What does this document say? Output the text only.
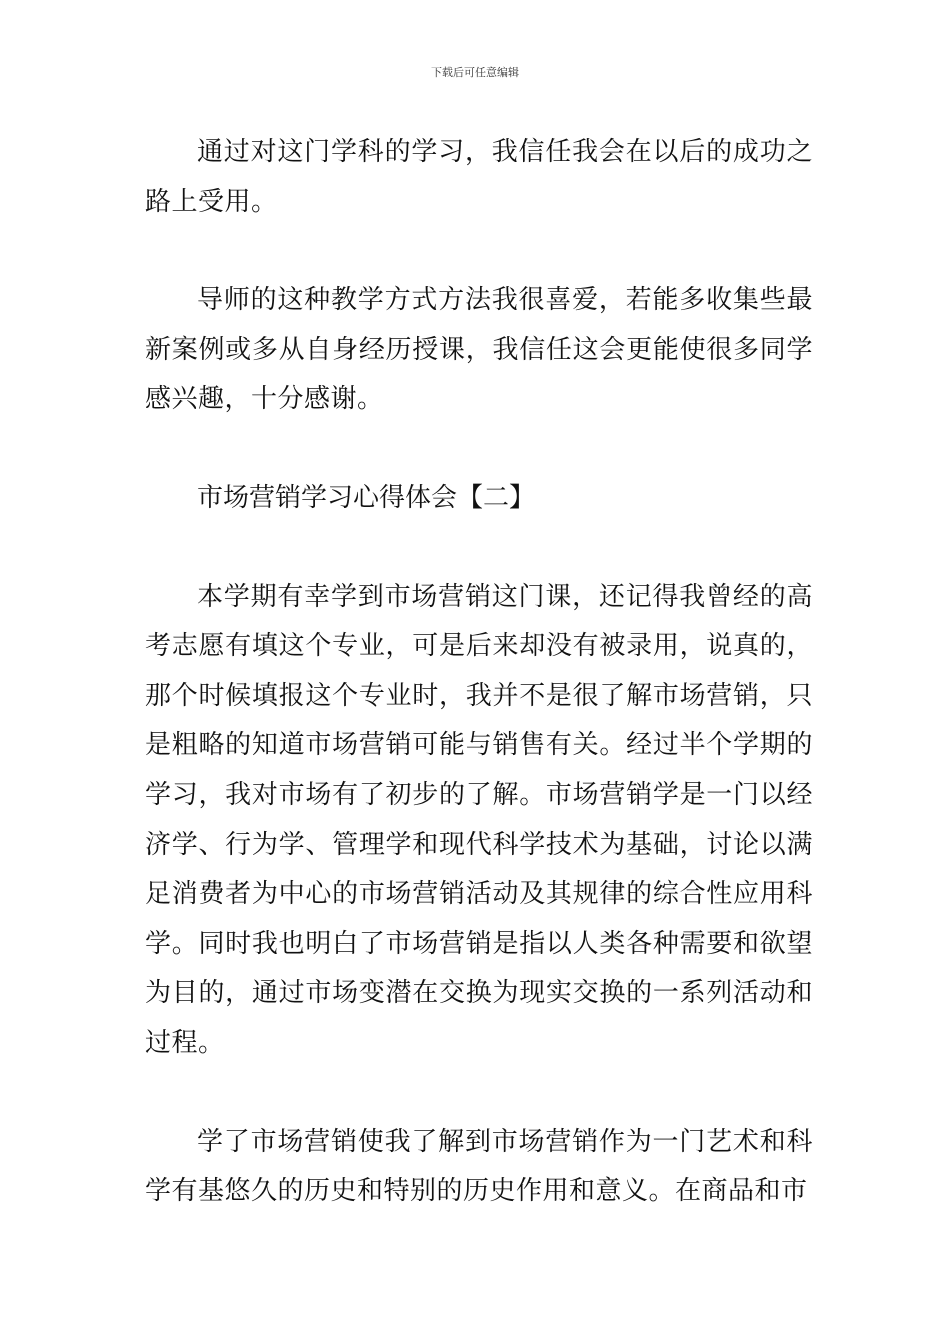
下载后可任意编辑

通过对这门学科的学习，我信任我会在以后的成功之路上受用。

导师的这种教学方式方法我很喜爱，若能多收集些最新案例或多从自身经历授课，我信任这会更能使很多同学感兴趣，十分感谢。

市场营销学习心得体会【二】

本学期有幸学到市场营销这门课，还记得我曾经的高考志愿有填这个专业，可是后来却没有被录用，说真的，那个时候填报这个专业时，我并不是很了解市场营销，只是粗略的知道市场营销可能与销售有关。经过半个学期的学习，我对市场有了初步的了解。市场营销学是一门以经济学、行为学、管理学和现代科学技术为基础，讨论以满足消费者为中心的市场营销活动及其规律的综合性应用科学。同时我也明白了市场营销是指以人类各种需要和欲望为目的，通过市场变潜在交换为现实交换的一系列活动和过程。

学了市场营销使我了解到市场营销作为一门艺术和科学有基悠久的历史和特别的历史作用和意义。在商品和市
